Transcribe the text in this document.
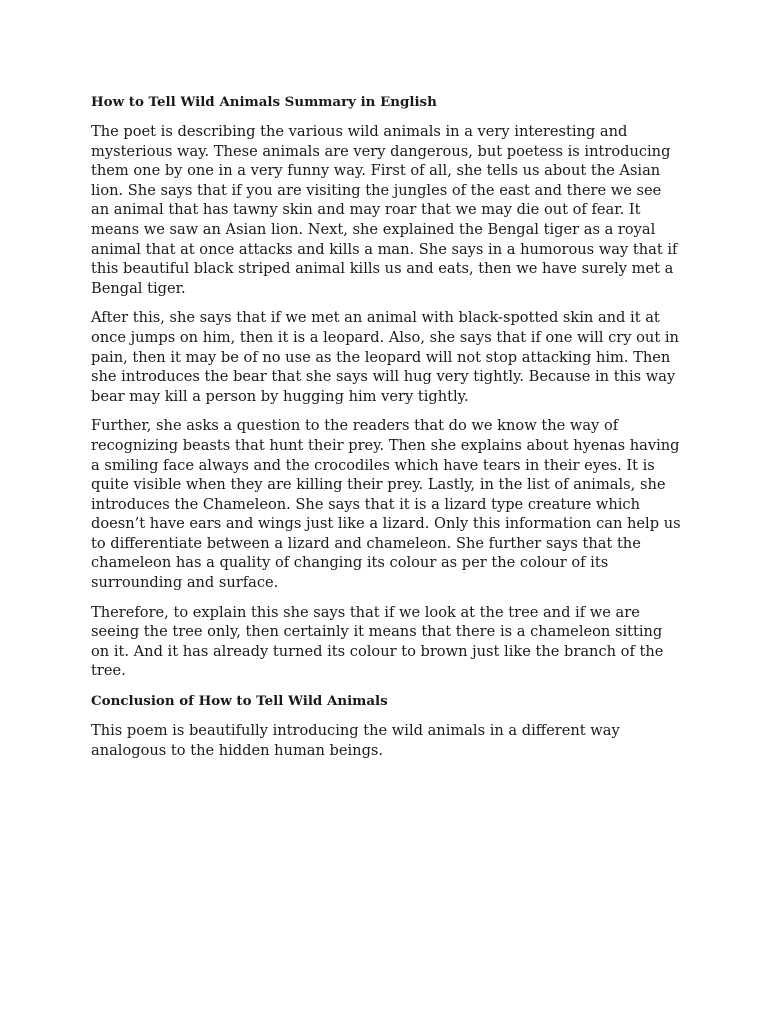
How to Tell Wild Animals Summary in English

The poet is describing the various wild animals in a very interesting and mysterious way. These animals are very dangerous, but poetess is introducing them one by one in a very funny way. First of all, she tells us about the Asian lion. She says that if you are visiting the jungles of the east and there we see an animal that has tawny skin and may roar that we may die out of fear. It means we saw an Asian lion. Next, she explained the Bengal tiger as a royal animal that at once attacks and kills a man. She says in a humorous way that if this beautiful black striped animal kills us and eats, then we have surely met a Bengal tiger.

After this, she says that if we met an animal with black-spotted skin and it at once jumps on him, then it is a leopard. Also, she says that if one will cry out in pain, then it may be of no use as the leopard will not stop attacking him. Then she introduces the bear that she says will hug very tightly. Because in this way bear may kill a person by hugging him very tightly.

Further, she asks a question to the readers that do we know the way of recognizing beasts that hunt their prey. Then she explains about hyenas having a smiling face always and the crocodiles which have tears in their eyes. It is quite visible when they are killing their prey. Lastly, in the list of animals, she introduces the Chameleon. She says that it is a lizard type creature which doesn’t have ears and wings just like a lizard. Only this information can help us to differentiate between a lizard and chameleon. She further says that the chameleon has a quality of changing its colour as per the colour of its surrounding and surface.

Therefore, to explain this she says that if we look at the tree and if we are seeing the tree only, then certainly it means that there is a chameleon sitting on it. And it has already turned its colour to brown just like the branch of the tree.

Conclusion of How to Tell Wild Animals

This poem is beautifully introducing the wild animals in a different way analogous to the hidden human beings.
